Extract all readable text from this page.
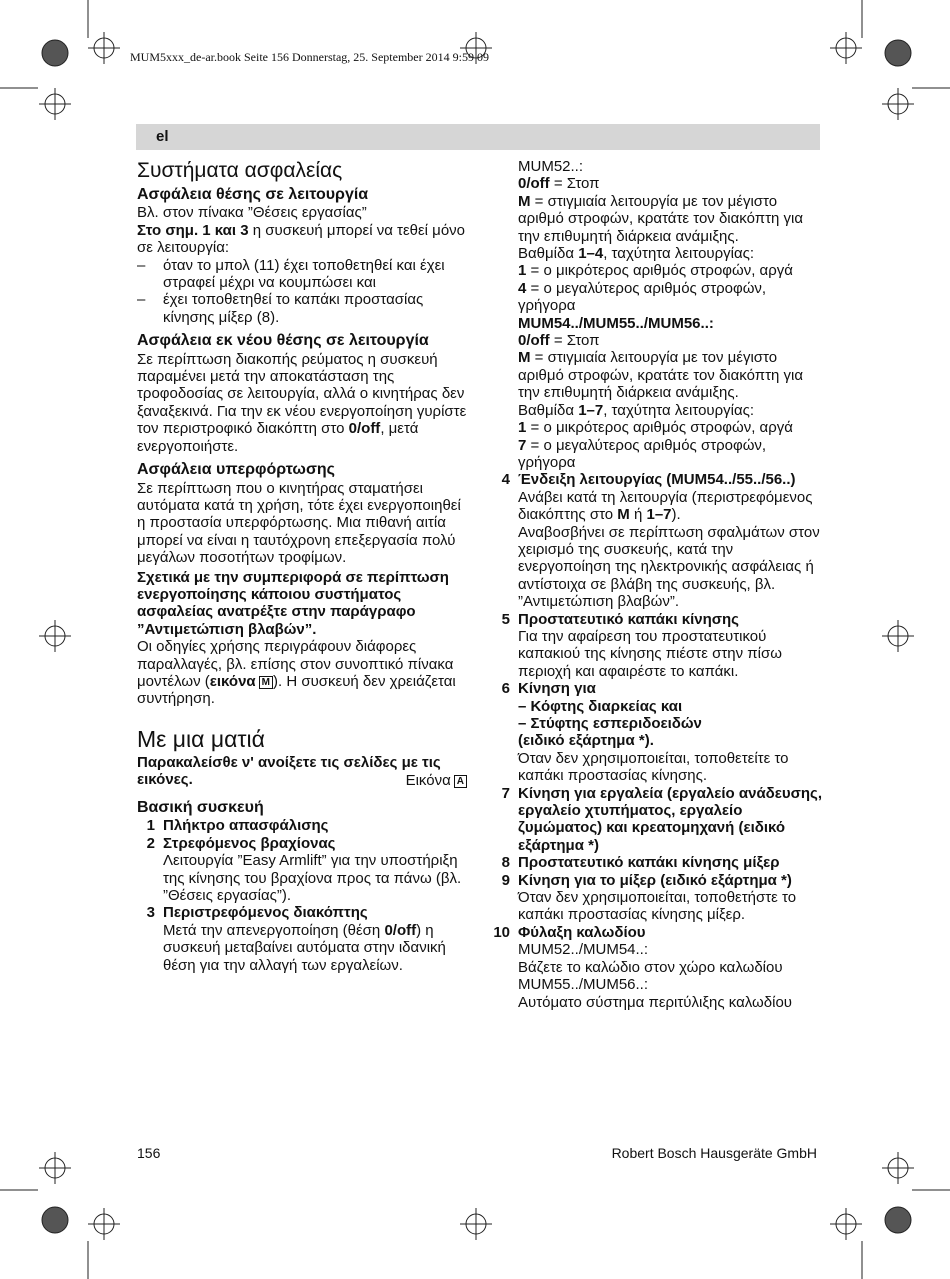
MUM5xxx_de-ar.book Seite 156 Donnerstag, 25. September 2014 9:59 09
el
Συστήματα ασφαλείας
Ασφάλεια θέσης σε λειτουργία

Βλ. στον πίνακα ”Θέσεις εργασίας”

Στο σημ. 1 και 3 η συσκευή μπορεί να τεθεί μόνο σε λειτουργία:

–	όταν το μπολ (11) έχει τοποθετηθεί και έχει στραφεί μέχρι να κουμπώσει και
–	έχει τοποθετηθεί το καπάκι προστασίας κίνησης μίξερ (8).
Ασφάλεια εκ νέου θέσης σε λειτουργία

Σε περίπτωση διακοπής ρεύματος η συσκευή παραμένει μετά την αποκατάσταση της τροφοδοσίας σε λειτουργία, αλλά ο κινητήρας δεν ξαναξεκινά. Για την εκ νέου ενεργοποίηση γυρίστε τον περιστροφικό διακόπτη στο 0/off, μετά ενεργοποιήστε.

Ασφάλεια υπερφόρτωσης

Σε περίπτωση που ο κινητήρας σταματήσει αυτόματα κατά τη χρήση, τότε έχει ενεργοποιηθεί η προστασία υπερφόρτωσης. Μια πιθανή αιτία μπορεί να είναι η ταυτόχρονη επεξεργασία πολύ μεγάλων ποσοτήτων τροφίμων.

Σχετικά με την συμπεριφορά σε περίπτωση ενεργοποίησης κάποιου συστήματος ασφαλείας ανατρέξτε στην παράγραφο ”Αντιμετώπιση βλαβών”.

Οι οδηγίες χρήσης περιγράφουν διάφορες παραλλαγές, βλ. επίσης στον συνοπτικό πίνακα μοντέλων (εικόνα M ). Η συσκευή δεν χρειάζεται συντήρηση.

Με μια ματιά

Παρακαλείσθε ν' ανοίξετε τις σελίδες με τις εικόνες.	Εικόνα A
Βασική συσκευή
1 Πλήκτρο απασφάλισης
2 Στρεφόμενος βραχίονας
Λειτουργία ”Easy Armlift” για την υποστήριξη της κίνησης του βραχίονα προς τα πάνω (βλ. ”Θέσεις εργασίας”).
3 Περιστρεφόμενος διακόπτης
Μετά την απενεργοποίηση (θέση 0/off) η συσκευή μεταβαίνει αυτόματα στην ιδανική θέση για την αλλαγή των εργαλείων.

MUM52..:

0/off = Στοπ

M = στιγμιαία λειτουργία με τον μέγιστο αριθμό στροφών, κρατάτε τον διακόπτη για την επιθυμητή διάρκεια ανάμιξης.

Βαθμίδα 1–4, ταχύτητα λειτουργίας:

1 = ο μικρότερος αριθμός στροφών, αργά

4 = ο μεγαλύτερος αριθμός στροφών, γρήγορα

MUM54../MUM55../MUM56..:

0/off = Στοπ

M = στιγμιαία λειτουργία με τον μέγιστο αριθμό στροφών, κρατάτε τον διακόπτη για την επιθυμητή διάρκεια ανάμιξης.

Βαθμίδα 1–7, ταχύτητα λειτουργίας:

1 = ο μικρότερος αριθμός στροφών, αργά

7 = ο μεγαλύτερος αριθμός στροφών, γρήγορα

4 Ένδειξη λειτουργίας (MUM54../55../56..)
Ανάβει κατά τη λειτουργία (περιστρεφόμενος διακόπτης στο M ή 1–7).
Αναβοσβήνει σε περίπτωση σφαλμάτων στον χειρισμό της συσκευής, κατά την ενεργοποίηση της ηλεκτρονικής ασφάλειας ή αντίστοιχα σε βλάβη της συσκευής, βλ. ”Αντιμετώπιση βλαβών”.
5 Προστατευτικό καπάκι κίνησης
Για την αφαίρεση του προστατευτικού καπακιού της κίνησης πιέστε στην πίσω περιοχή και αφαιρέστε το καπάκι.
6 Κίνηση για
– Κόφτης διαρκείας και
– Στύφτης εσπεριδοειδών
(ειδικό εξάρτημα *).
Όταν δεν χρησιμοποιείται, τοποθετείτε το καπάκι προστασίας κίνησης.
7 Κίνηση για εργαλεία (εργαλείο ανάδευσης, εργαλείο χτυπήματος, εργαλείο ζυμώματος) και κρεατομηχανή (ειδικό εξάρτημα *)
8 Προστατευτικό καπάκι κίνησης μίξερ
9 Κίνηση για το μίξερ (ειδικό εξάρτημα *)
Όταν δεν χρησιμοποιείται, τοποθετήστε το καπάκι προστασίας κίνησης μίξερ.
10 Φύλαξη καλωδίου
MUM52../MUM54..:
Βάζετε το καλώδιο στον χώρο καλωδίου
MUM55../MUM56..:
Αυτόματο σύστημα περιτύλιξης καλωδίου
156	Robert Bosch Hausgeräte GmbH
